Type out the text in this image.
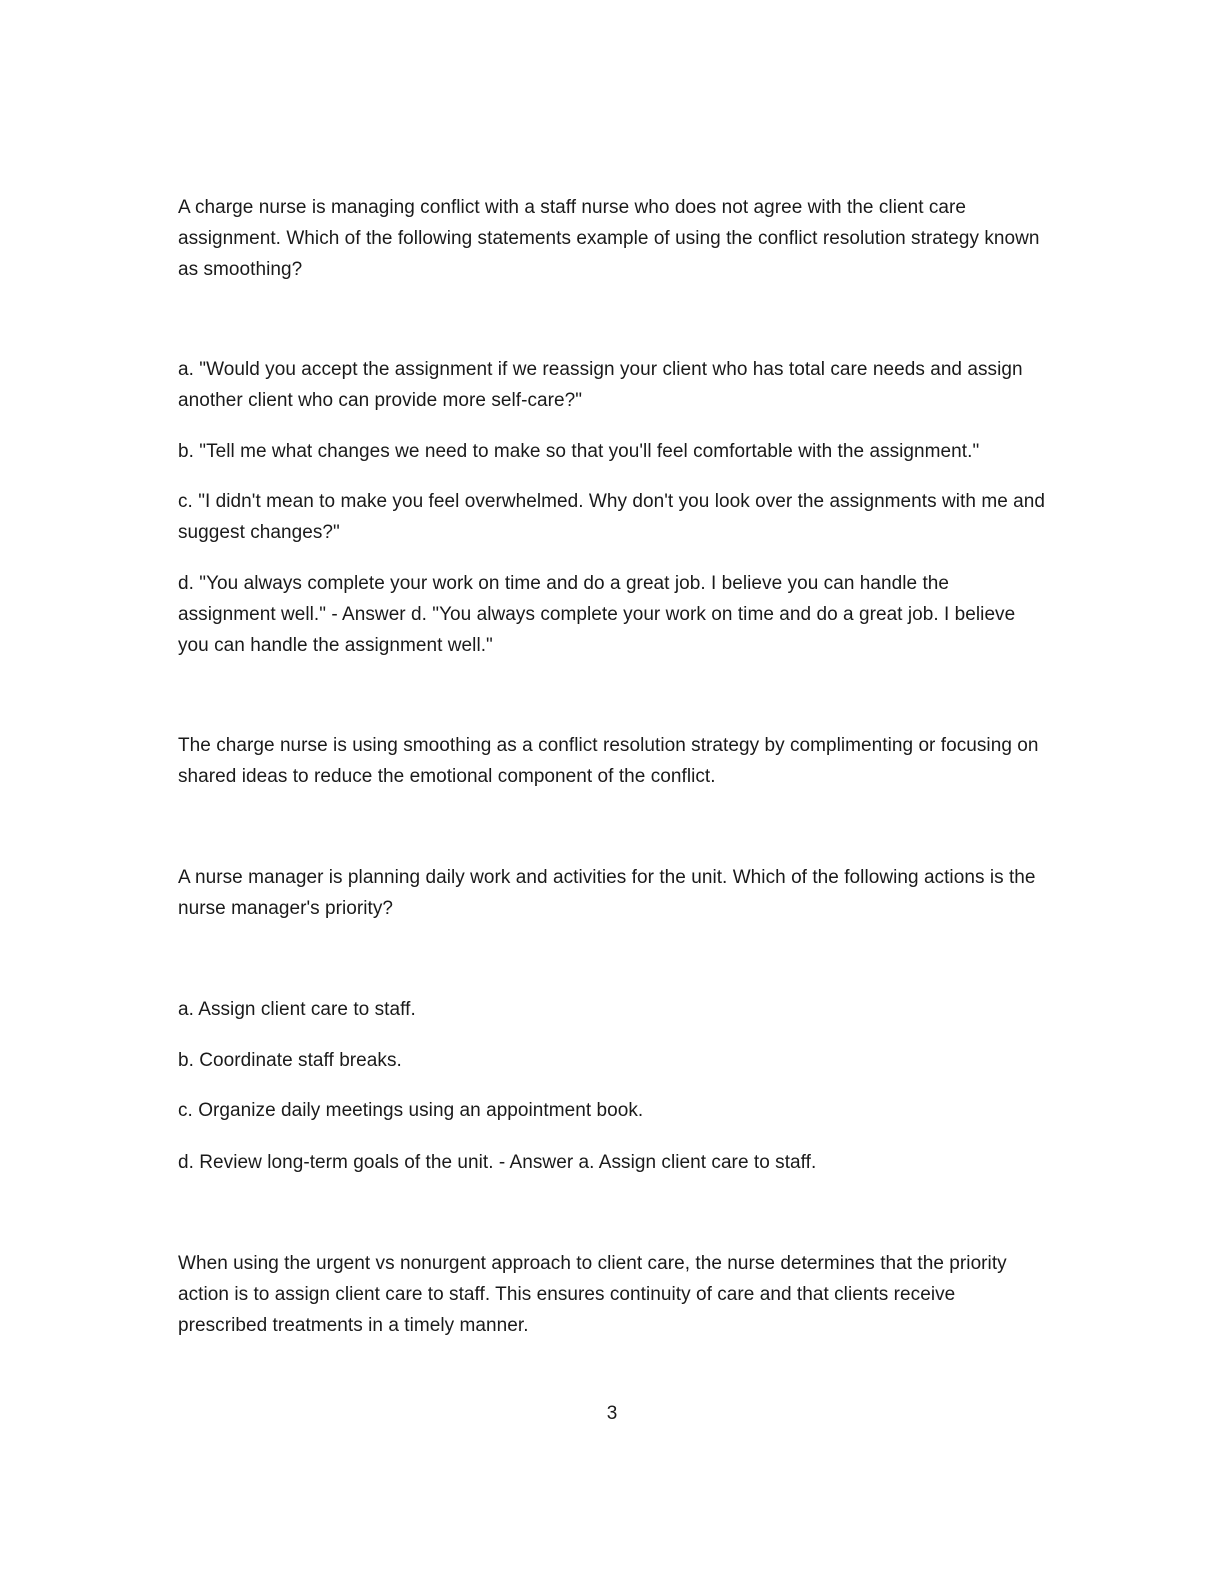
A charge nurse is managing conflict with a staff nurse who does not agree with the client care assignment. Which of the following statements example of using the conflict resolution strategy known as smoothing?

a. "Would you accept the assignment if we reassign your client who has total care needs and assign another client who can provide more self-care?"

b. "Tell me what changes we need to make so that you'll feel comfortable with the assignment."

c. "I didn't mean to make you feel overwhelmed. Why don't you look over the assignments with me and suggest changes?"

d. "You always complete your work on time and do a great job. I believe you can handle the assignment well." - Answer d. "You always complete your work on time and do a great job. I believe you can handle the assignment well."

The charge nurse is using smoothing as a conflict resolution strategy by complimenting or focusing on shared ideas to reduce the emotional component of the conflict.

A nurse manager is planning daily work and activities for the unit. Which of the following actions is the nurse manager's priority?

a. Assign client care to staff.

b. Coordinate staff breaks.

c. Organize daily meetings using an appointment book.

d. Review long-term goals of the unit. - Answer a. Assign client care to staff.

When using the urgent vs nonurgent approach to client care, the nurse determines that the priority action is to assign client care to staff. This ensures continuity of care and that clients receive prescribed treatments in a timely manner.

3
